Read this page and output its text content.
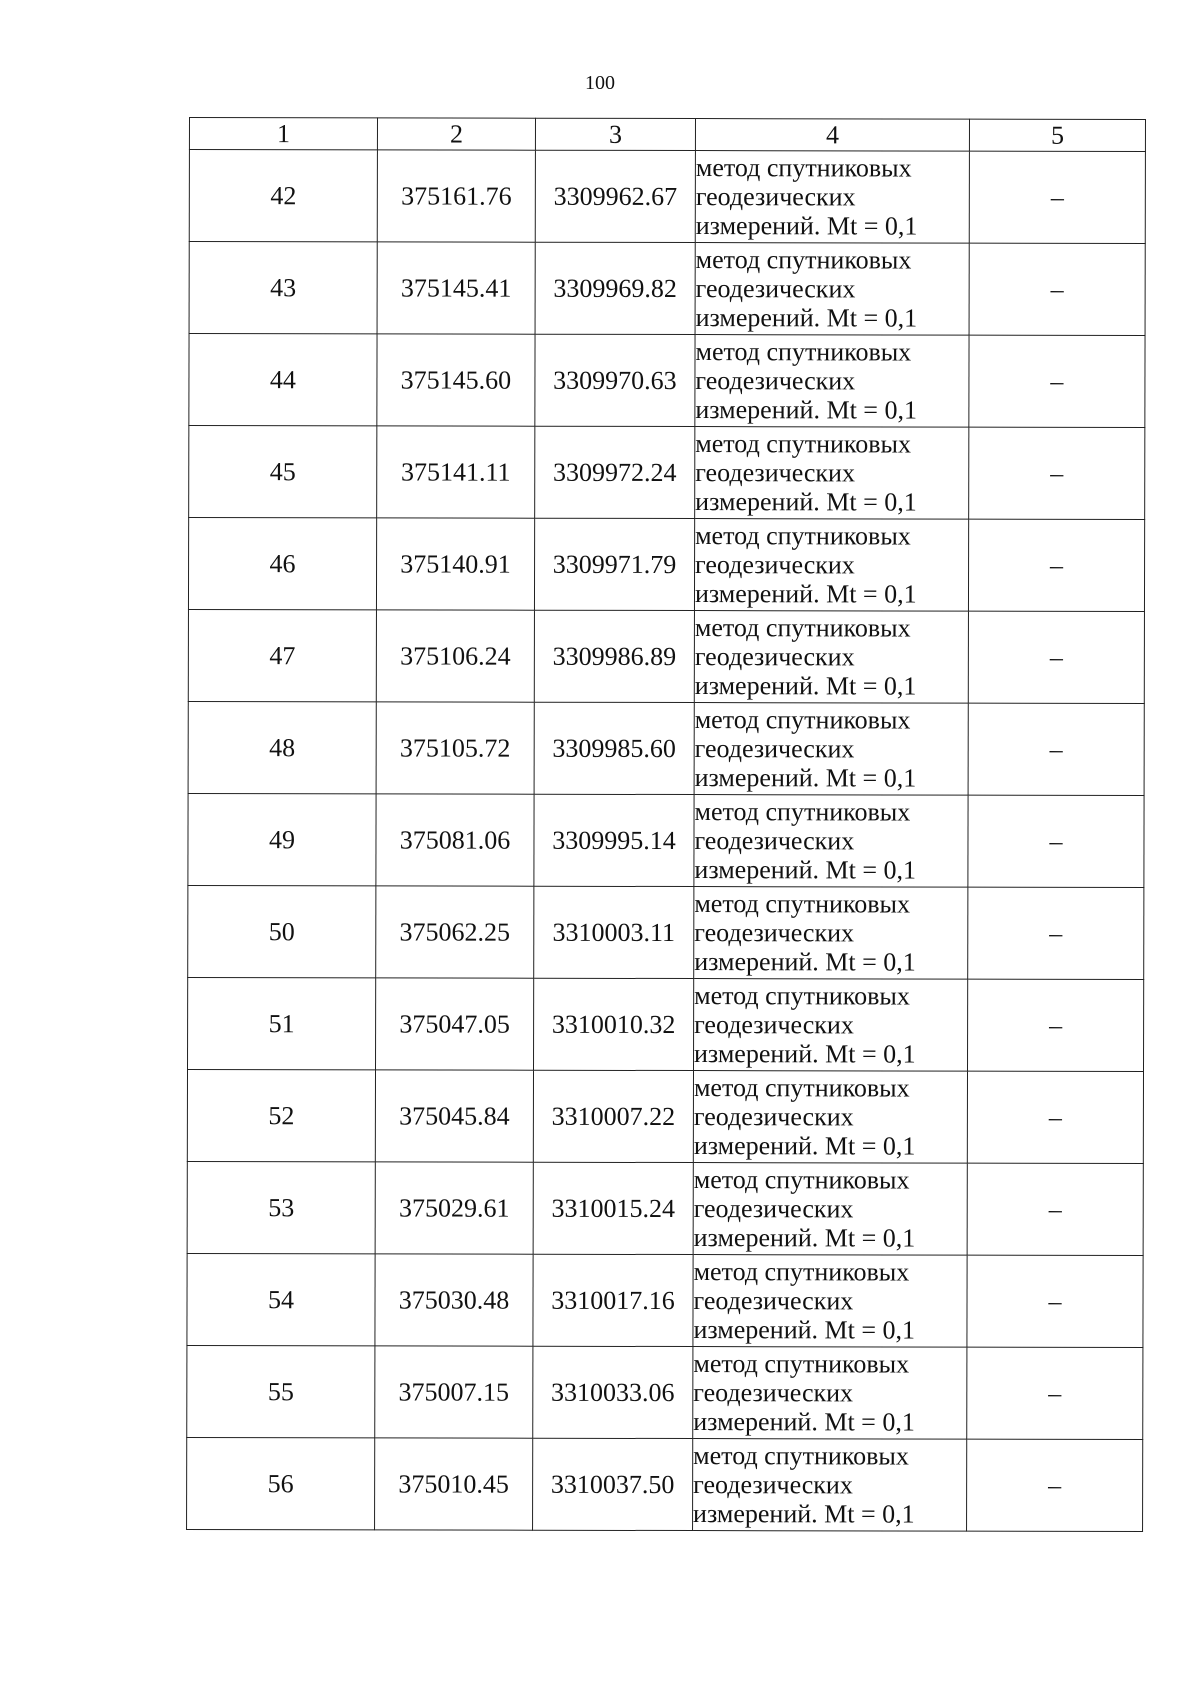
100
1	2	3	4	5
42	375161.76	3309962.67	метод спутниковых
геодезических
измерений. Mt = 0,1	–
43	375145.41	3309969.82	метод спутниковых
геодезических
измерений. Mt = 0,1	–
44	375145.60	3309970.63	метод спутниковых
геодезических
измерений. Mt = 0,1	–
45	375141.11	3309972.24	метод спутниковых
геодезических
измерений. Mt = 0,1	–
46	375140.91	3309971.79	метод спутниковых
геодезических
измерений. Mt = 0,1	–
47	375106.24	3309986.89	метод спутниковых
геодезических
измерений. Mt = 0,1	–
48	375105.72	3309985.60	метод спутниковых
геодезических
измерений. Mt = 0,1	–
49	375081.06	3309995.14	метод спутниковых
геодезических
измерений. Mt = 0,1	–
50	375062.25	3310003.11	метод спутниковых
геодезических
измерений. Mt = 0,1	–
51	375047.05	3310010.32	метод спутниковых
геодезических
измерений. Mt = 0,1	–
52	375045.84	3310007.22	метод спутниковых
геодезических
измерений. Mt = 0,1	–
53	375029.61	3310015.24	метод спутниковых
геодезических
измерений. Mt = 0,1	–
54	375030.48	3310017.16	метод спутниковых
геодезических
измерений. Mt = 0,1	–
55	375007.15	3310033.06	метод спутниковых
геодезических
измерений. Mt = 0,1	–
56	375010.45	3310037.50	метод спутниковых
геодезических
измерений. Mt = 0,1	–
